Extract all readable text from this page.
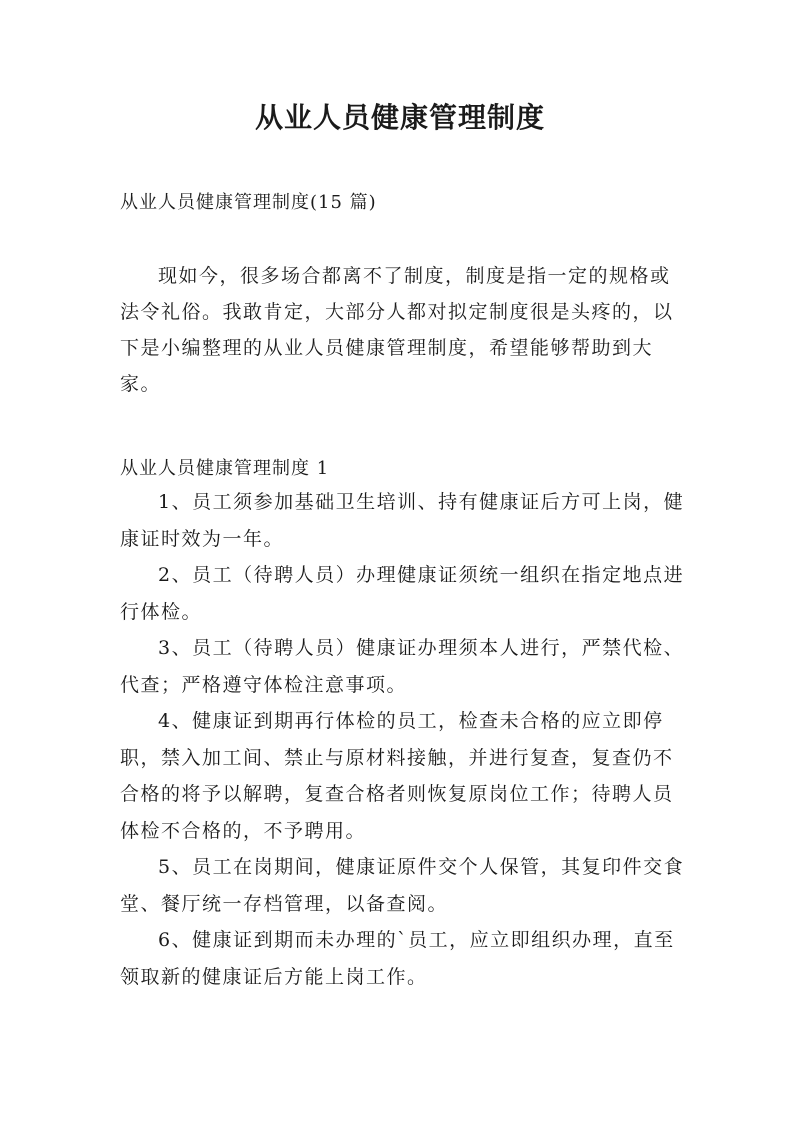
从业人员健康管理制度

从业人员健康管理制度(15 篇)

现如今，很多场合都离不了制度，制度是指一定的规格或法令礼俗。我敢肯定，大部分人都对拟定制度很是头疼的，以下是小编整理的从业人员健康管理制度，希望能够帮助到大家。

从业人员健康管理制度 1

1、员工须参加基础卫生培训、持有健康证后方可上岗，健康证时效为一年。
2、员工（待聘人员）办理健康证须统一组织在指定地点进行体检。
3、员工（待聘人员）健康证办理须本人进行，严禁代检、代查；严格遵守体检注意事项。
4、健康证到期再行体检的员工，检查未合格的应立即停职，禁入加工间、禁止与原材料接触，并进行复查，复查仍不合格的将予以解聘，复查合格者则恢复原岗位工作；待聘人员体检不合格的，不予聘用。
5、员工在岗期间，健康证原件交个人保管，其复印件交食堂、餐厅统一存档管理，以备查阅。
6、健康证到期而未办理的`员工，应立即组织办理，直至领取新的健康证后方能上岗工作。
